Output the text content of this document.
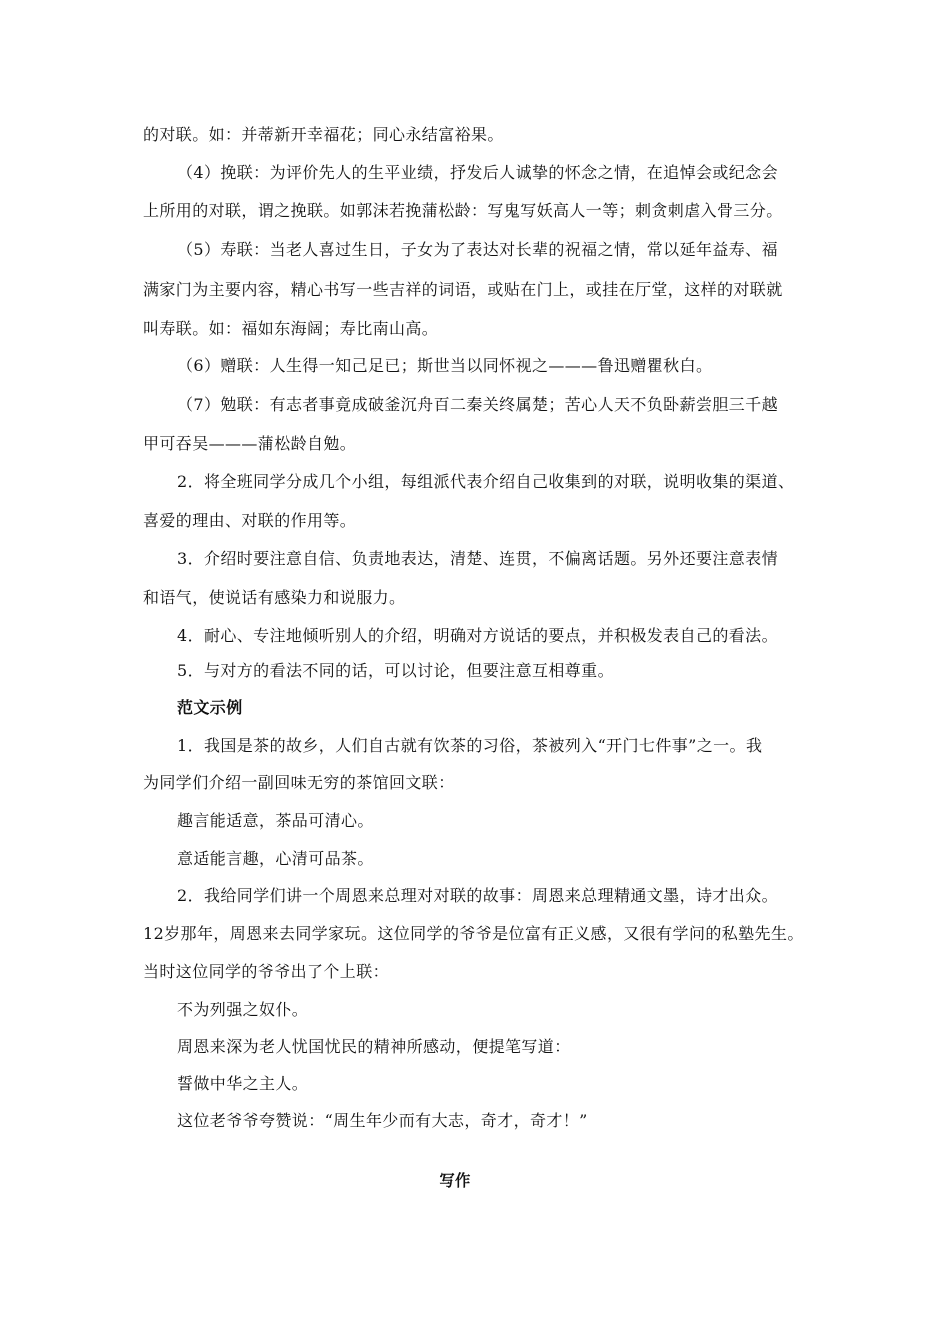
的对联。如：并蒂新开幸福花；同心永结富裕果。
（4）挽联：为评价先人的生平业绩，抒发后人诚挚的怀念之情，在追悼会或纪念会
上所用的对联，谓之挽联。如郭沫若挽蒲松龄：写鬼写妖高人一等；刺贪刺虐入骨三分。
（5）寿联：当老人喜过生日，子女为了表达对长辈的祝福之情，常以延年益寿、福
满家门为主要内容，精心书写一些吉祥的词语，或贴在门上，或挂在厅堂，这样的对联就
叫寿联。如：福如东海阔；寿比南山高。
（6）赠联：人生得一知己足已；斯世当以同怀视之———鲁迅赠瞿秋白。
（7）勉联：有志者事竟成破釜沉舟百二秦关终属楚；苦心人天不负卧薪尝胆三千越
甲可吞吴———蒲松龄自勉。
2．将全班同学分成几个小组，每组派代表介绍自己收集到的对联，说明收集的渠道、
喜爱的理由、对联的作用等。
3．介绍时要注意自信、负责地表达，清楚、连贯，不偏离话题。另外还要注意表情
和语气，使说话有感染力和说服力。
4．耐心、专注地倾听别人的介绍，明确对方说话的要点，并积极发表自己的看法。
5．与对方的看法不同的话，可以讨论，但要注意互相尊重。
范文示例
1．我国是茶的故乡，人们自古就有饮茶的习俗，茶被列入“开门七件事”之一。我
为同学们介绍一副回味无穷的茶馆回文联：
趣言能适意，茶品可清心。
意适能言趣，心清可品茶。
2．我给同学们讲一个周恩来总理对对联的故事：周恩来总理精通文墨，诗才出众。
12岁那年，周恩来去同学家玩。这位同学的爷爷是位富有正义感，又很有学问的私塾先生。
当时这位同学的爷爷出了个上联：
不为列强之奴仆。
周恩来深为老人忧国忧民的精神所感动，便提笔写道：
誓做中华之主人。
这位老爷爷夸赞说：“周生年少而有大志，奇才，奇才！”
写作
